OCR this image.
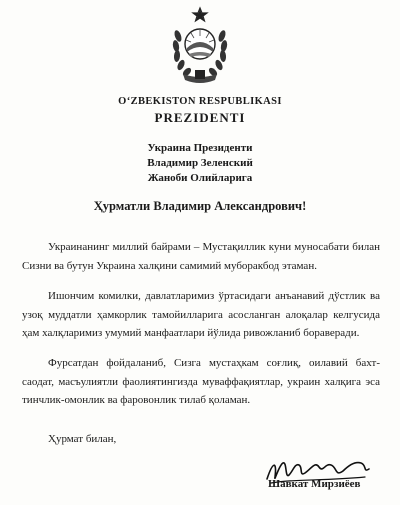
O‘ZBEKISTON RESPUBLIKASI
PREZIDENTI
Украина Президенти
Владимир Зеленский
Жаноби Олийларига
Ҳурматли Владимир Александрович!

Украинанинг миллий байрами – Мустақиллик куни муносабати билан Сизни ва бутун Украина халқини самимий муборакбод этаман.

Ишончим комилки, давлатларимиз ўртасидаги анъанавий дўстлик ва узоқ муддатли ҳамкорлик тамойилларига асосланган алоқалар келгусида ҳам халқларимиз умумий манфаатлари йўлида ривожланиб бораверади.

Фурсатдан фойдаланиб, Сизга мустаҳкам соғлиқ, оилавий бахт-саодат, масъулиятли фаолиятингизда муваффақиятлар, украин халқига эса тинчлик-омонлик ва фаровонлик тилаб қоламан.

Ҳурмат билан,
Шавкат Мирзиёев
